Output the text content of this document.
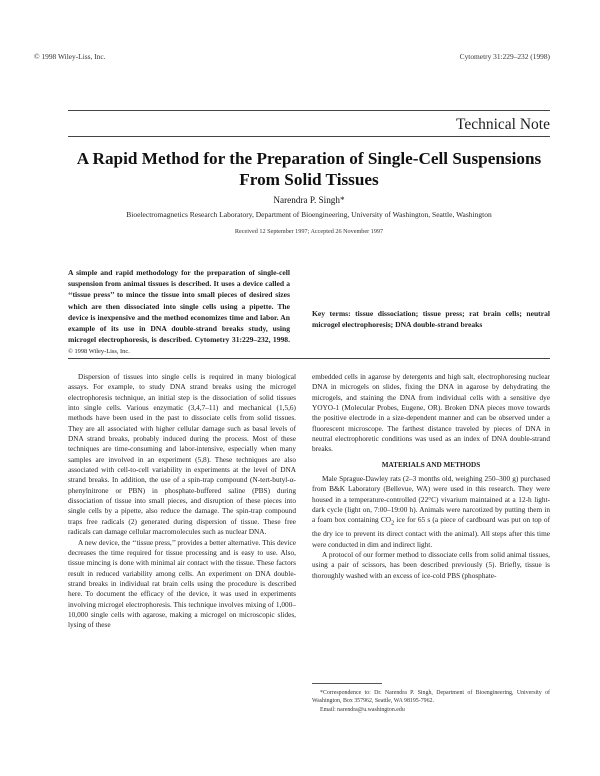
© 1998 Wiley-Liss, Inc.	Cytometry 31:229–232 (1998)
Technical Note
A Rapid Method for the Preparation of Single-Cell Suspensions From Solid Tissues
Narendra P. Singh*
Bioelectromagnetics Research Laboratory, Department of Bioengineering, University of Washington, Seattle, Washington
Received 12 September 1997; Accepted 26 November 1997
A simple and rapid methodology for the preparation of single-cell suspension from animal tissues is described. It uses a device called a ‘‘tissue press’’ to mince the tissue into small pieces of desired sizes which are then dissociated into single cells using a pipette. The device is inexpensive and the method economizes time and labor. An example of its use in DNA double-strand breaks study, using microgel electrophoresis, is described. Cytometry 31:229–232, 1998. © 1998 Wiley-Liss, Inc.
Key terms: tissue dissociation; tissue press; rat brain cells; neutral microgel electrophoresis; DNA double-strand breaks

Dispersion of tissues into single cells is required in many biological assays. For example, to study DNA strand breaks using the microgel electrophoresis technique, an initial step is the dissociation of solid tissues into single cells. Various enzymatic (3,4,7–11) and mechanical (1,5,6) methods have been used in the past to dissociate cells from solid tissues. They are all associated with higher cellular damage such as basal levels of DNA strand breaks, probably induced during the process. Most of these techniques are time-consuming and labor-intensive, especially when many samples are involved in an experiment (5,8). These techniques are also associated with cell-to-cell variability in experiments at the level of DNA strand breaks. In addition, the use of a spin-trap compound (N-tert-butyl-α-phenylnitrone or PBN) in phosphate-buffered saline (PBS) during dissociation of tissue into small pieces, and disruption of these pieces into single cells by a pipette, also reduce the damage. The spin-trap compound traps free radicals (2) generated during dispersion of tissue. These free radicals can damage cellular macromolecules such as nuclear DNA.

A new device, the ‘‘tissue press,’’ provides a better alternative. This device decreases the time required for tissue processing and is easy to use. Also, tissue mincing is done with minimal air contact with the tissue. These factors result in reduced variability among cells. An experiment on DNA double-strand breaks in individual rat brain cells using the procedure is described here. To document the efficacy of the device, it was used in experiments involving microgel electrophoresis. This technique involves mixing of 1,000–10,000 single cells with agarose, making a microgel on microscopic slides, lysing of these

embedded cells in agarose by detergents and high salt, electrophoresing nuclear DNA in microgels on slides, fixing the DNA in agarose by dehydrating the microgels, and staining the DNA from individual cells with a sensitive dye YOYO-1 (Molecular Probes, Eugene, OR). Broken DNA pieces move towards the positive electrode in a size-dependent manner and can be observed under a fluorescent microscope. The farthest distance traveled by pieces of DNA in neutral electrophoretic conditions was used as an index of DNA double-strand breaks.

MATERIALS AND METHODS

Male Sprague-Dawley rats (2–3 months old, weighing 250–300 g) purchased from B&K Laboratory (Bellevue, WA) were used in this research. They were housed in a temperature-controlled (22°C) vivarium maintained at a 12-h light-dark cycle (light on, 7:00–19:00 h). Animals were narcotized by putting them in a foam box containing $CO_2$ ice for 65 s (a piece of cardboard was put on top of the dry ice to prevent its direct contact with the animal). All steps after this time were conducted in dim and indirect light.

A protocol of our former method to dissociate cells from solid animal tissues, using a pair of scissors, has been described previously (5). Briefly, tissue is thoroughly washed with an excess of ice-cold PBS (phosphate-

*Correspondence to: Dr. Narendra P. Singh, Department of Bioengineering, University of Washington, Box 357962, Seattle, WA 98195-7962.

Email: narendra@u.washington.edu
